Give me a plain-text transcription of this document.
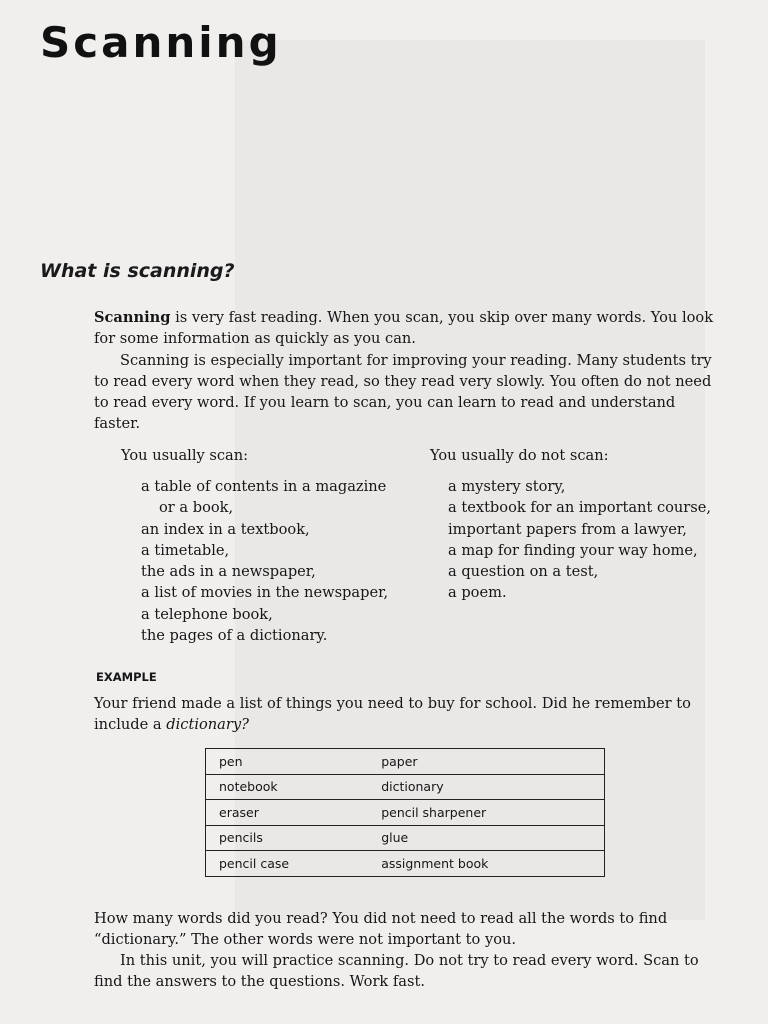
Scanning
What is scanning?

Scanning is very fast reading. When you scan, you skip over many words. You look for some information as quickly as you can.

Scanning is especially important for improving your reading. Many students try to read every word when they read, so they read very slowly. You often do not need to read every word. If you learn to scan, you can learn to read and understand faster.

You usually scan:	You usually do not scan:

a table of contents in a magazine
or a book,
an index in a textbook,
a timetable,
the ads in a newspaper,
a list of movies in the newspaper,
a telephone book,
the pages of a dictionary.
a mystery story,
a textbook for an important course,
important papers from a lawyer,
a map for finding your way home,
a question on a test,
a poem.

EXAMPLE

Your friend made a list of things you need to buy for school. Did he remember to include a dictionary?

pen	paper
notebook	dictionary
eraser	pencil sharpener
pencils	glue
pencil case	assignment book

How many words did you read? You did not need to read all the words to find “dictionary.” The other words were not important to you.

In this unit, you will practice scanning. Do not try to read every word. Scan to find the answers to the questions. Work fast.
